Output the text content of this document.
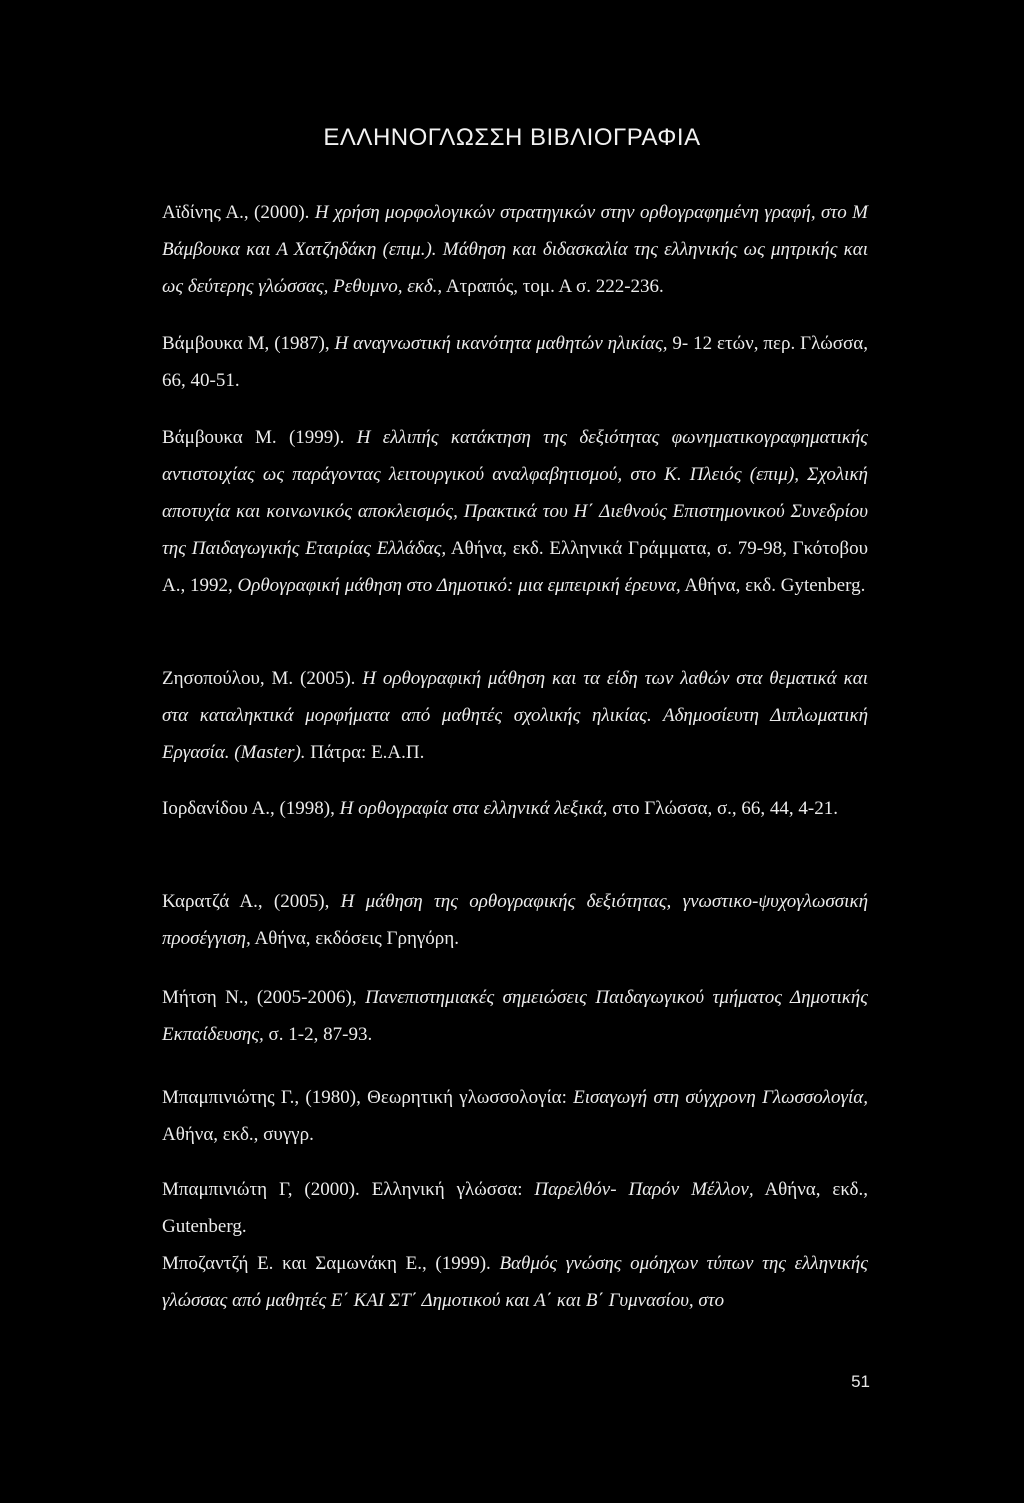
ΕΛΛΗΝΟΓΛΩΣΣΗ ΒΙΒΛΙΟΓΡΑΦΙΑ
Αϊδίνης Α., (2000). Η χρήση μορφολογικών στρατηγικών στην ορθογραφημένη γραφή, στο Μ Βάμβουκα και Α Χατζηδάκη (επιμ.). Μάθηση και διδασκαλία της ελληνικής ως μητρικής και ως δεύτερης γλώσσας, Ρεθυμνο, εκδ., Ατραπός, τομ. Α σ. 222-236.
Βάμβουκα Μ, (1987), Η αναγνωστική ικανότητα μαθητών ηλικίας, 9- 12 ετών, περ. Γλώσσα, 66, 40-51.
Βάμβουκα Μ. (1999). Η ελλιπής κατάκτηση της δεξιότητας φωνηματικογραφηματικής αντιστοιχίας ως παράγοντας λειτουργικού αναλφαβητισμού, στο Κ. Πλειός (επιμ), Σχολική αποτυχία και κοινωνικός αποκλεισμός, Πρακτικά του Η΄ Διεθνούς Επιστημονικού Συνεδρίου της Παιδαγωγικής Εταιρίας Ελλάδας, Αθήνα, εκδ. Ελληνικά Γράμματα, σ. 79-98, Γκότοβου Α., 1992, Ορθογραφική μάθηση στο Δημοτικό: μια εμπειρική έρευνα, Αθήνα, εκδ. Gytenberg.
Ζησοπούλου, Μ. (2005). Η ορθογραφική μάθηση και τα είδη των λαθών στα θεματικά και στα καταληκτικά μορφήματα από μαθητές σχολικής ηλικίας. Αδημοσίευτη Διπλωματική Εργασία. (Master). Πάτρα: Ε.Α.Π.
Ιορδανίδου Α., (1998), Η ορθογραφία στα ελληνικά λεξικά, στο Γλώσσα, σ., 66, 44, 4-21.
Καρατζά Α., (2005), Η μάθηση της ορθογραφικής δεξιότητας, γνωστικο-ψυχογλωσσική προσέγγιση, Αθήνα, εκδόσεις Γρηγόρη.
Μήτση Ν., (2005-2006), Πανεπιστημιακές σημειώσεις Παιδαγωγικού τμήματος Δημοτικής Εκπαίδευσης, σ. 1-2, 87-93.
Μπαμπινιώτης Γ., (1980), Θεωρητική γλωσσολογία: Εισαγωγή στη σύγχρονη Γλωσσολογία, Αθήνα, εκδ., συγγρ.
Μπαμπινιώτη Γ, (2000). Ελληνική γλώσσα: Παρελθόν- Παρόν Μέλλον, Αθήνα, εκδ., Gutenberg.
Μποζαντζή Ε. και Σαμωνάκη Ε., (1999). Βαθμός γνώσης ομόηχων τύπων της ελληνικής γλώσσας από μαθητές Ε΄ ΚΑΙ ΣΤ΄ Δημοτικού και Α΄ και Β΄ Γυμνασίου, στο
51
